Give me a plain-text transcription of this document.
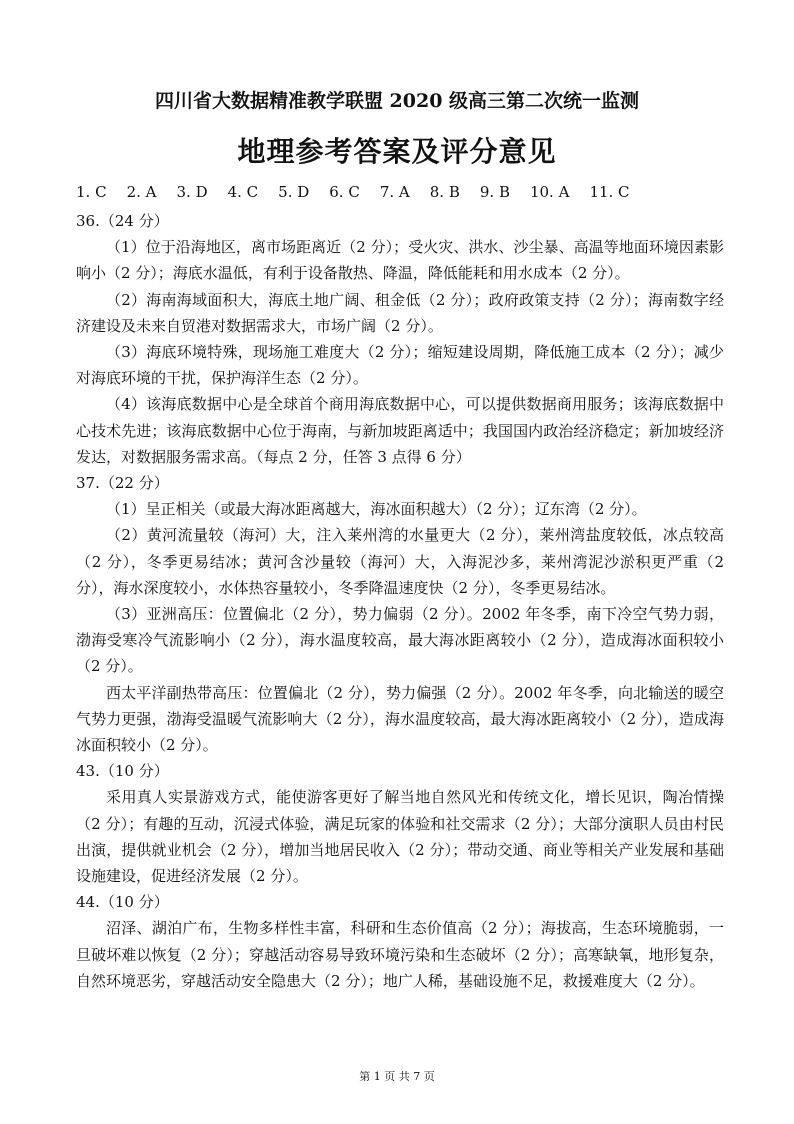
四川省大数据精准教学联盟 2020 级高三第二次统一监测
地理参考答案及评分意见
1. C 2. A 3. D 4. C 5. D 6. C 7. A 8. B 9. B 10. A 11. C

36.（24 分）

（1）位于沿海地区，离市场距离近（2 分）；受火灾、洪水、沙尘暴、高温等地面环境因素影响小（2 分）；海底水温低，有利于设备散热、降温，降低能耗和用水成本（2 分）。

（2）海南海域面积大，海底土地广阔、租金低（2 分）；政府政策支持（2 分）；海南数字经济建设及未来自贸港对数据需求大，市场广阔（2 分）。

（3）海底环境特殊，现场施工难度大（2 分）；缩短建设周期，降低施工成本（2 分）；减少对海底环境的干扰，保护海洋生态（2 分）。

（4）该海底数据中心是全球首个商用海底数据中心，可以提供数据商用服务；该海底数据中心技术先进；该海底数据中心位于海南，与新加坡距离适中；我国国内政治经济稳定；新加坡经济发达，对数据服务需求高。（每点 2 分，任答 3 点得 6 分）

37.（22 分）

（1）呈正相关（或最大海冰距离越大，海冰面积越大）（2 分）；辽东湾（2 分）。

（2）黄河流量较（海河）大，注入莱州湾的水量更大（2 分），莱州湾盐度较低，冰点较高（2 分），冬季更易结冰；黄河含沙量较（海河）大，入海泥沙多，莱州湾泥沙淤积更严重（2 分），海水深度较小，水体热容量较小，冬季降温速度快（2 分），冬季更易结冰。

（3）亚洲高压：位置偏北（2 分），势力偏弱（2 分）。2002 年冬季，南下冷空气势力弱，渤海受寒冷气流影响小（2 分），海水温度较高，最大海冰距离较小（2 分），造成海冰面积较小（2 分）。

西太平洋副热带高压：位置偏北（2 分），势力偏强（2 分）。2002 年冬季，向北输送的暖空气势力更强，渤海受温暖气流影响大（2 分），海水温度较高，最大海冰距离较小（2 分），造成海冰面积较小（2 分）。

43.（10 分）

采用真人实景游戏方式，能使游客更好了解当地自然风光和传统文化，增长见识，陶冶情操（2 分）；有趣的互动，沉浸式体验，满足玩家的体验和社交需求（2 分）；大部分演职人员由村民出演，提供就业机会（2 分），增加当地居民收入（2 分）；带动交通、商业等相关产业发展和基础设施建设，促进经济发展（2 分）。

44.（10 分）

沼泽、湖泊广布，生物多样性丰富，科研和生态价值高（2 分）；海拔高，生态环境脆弱，一旦破坏难以恢复（2 分）；穿越活动容易导致环境污染和生态破坏（2 分）；高寒缺氧，地形复杂，自然环境恶劣，穿越活动安全隐患大（2 分）；地广人稀，基础设施不足，救援难度大（2 分）。

第 1 页 共 7 页
